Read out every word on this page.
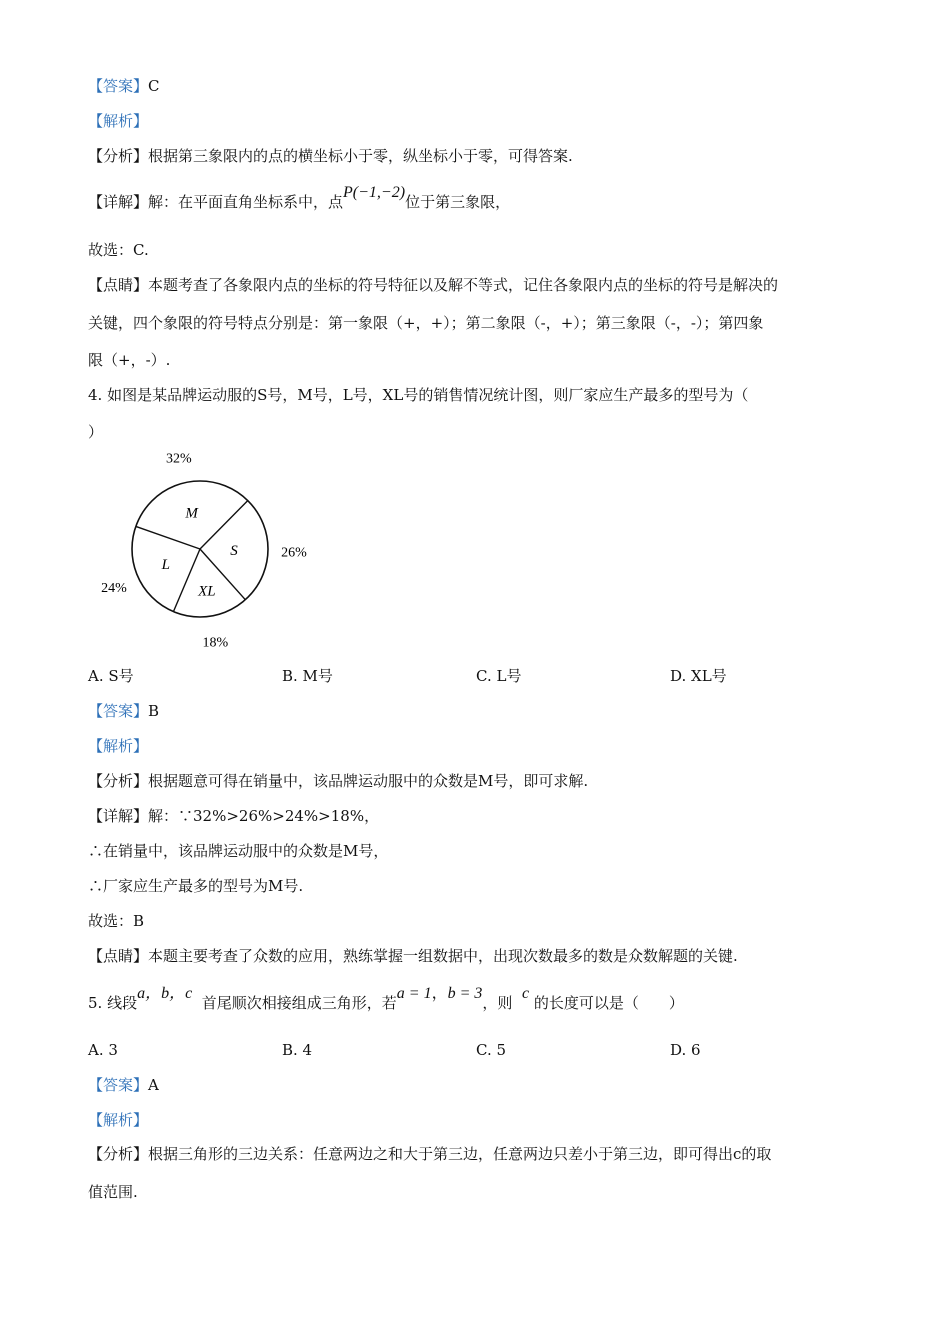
【答案】C
【解析】
【分析】根据第三象限内的点的横坐标小于零，纵坐标小于零，可得答案.
【详解】解：在平面直角坐标系中，点P(−1,−2)位于第三象限，
故选：C.
【点睛】本题考查了各象限内点的坐标的符号特征以及解不等式，记住各象限内点的坐标的符号是解决的
关键，四个象限的符号特点分别是：第一象限（+，+）；第二象限（-，+）；第三象限（-，-）；第四象
限（+，-）.
4. 如图是某品牌运动服的S号，M号，L号，XL号的销售情况统计图，则厂家应生产最多的型号为（
）
L
24%
M
32%
S	26%
XL
18%
A. S号	B. M号	C. L号	D. XL号
【答案】B
【解析】
【分析】根据题意可得在销量中，该品牌运动服中的众数是M号，即可求解.
【详解】解：∵32%>26%>24%>18%，
∴在销量中，该品牌运动服中的众数是M号，
∴厂家应生产最多的型号为M号.
故选：B
【点睛】本题主要考查了众数的应用，熟练掌握一组数据中，出现次数最多的数是众数解题的关键.
5. 线段a，b，c  首尾顺次相接组成三角形，若a = 1，b = 3，则  c 的长度可以是（　　）
A. 3	B. 4	C. 5	D. 6
【答案】A
【解析】
【分析】根据三角形的三边关系：任意两边之和大于第三边，任意两边只差小于第三边，即可得出c的取
值范围.
